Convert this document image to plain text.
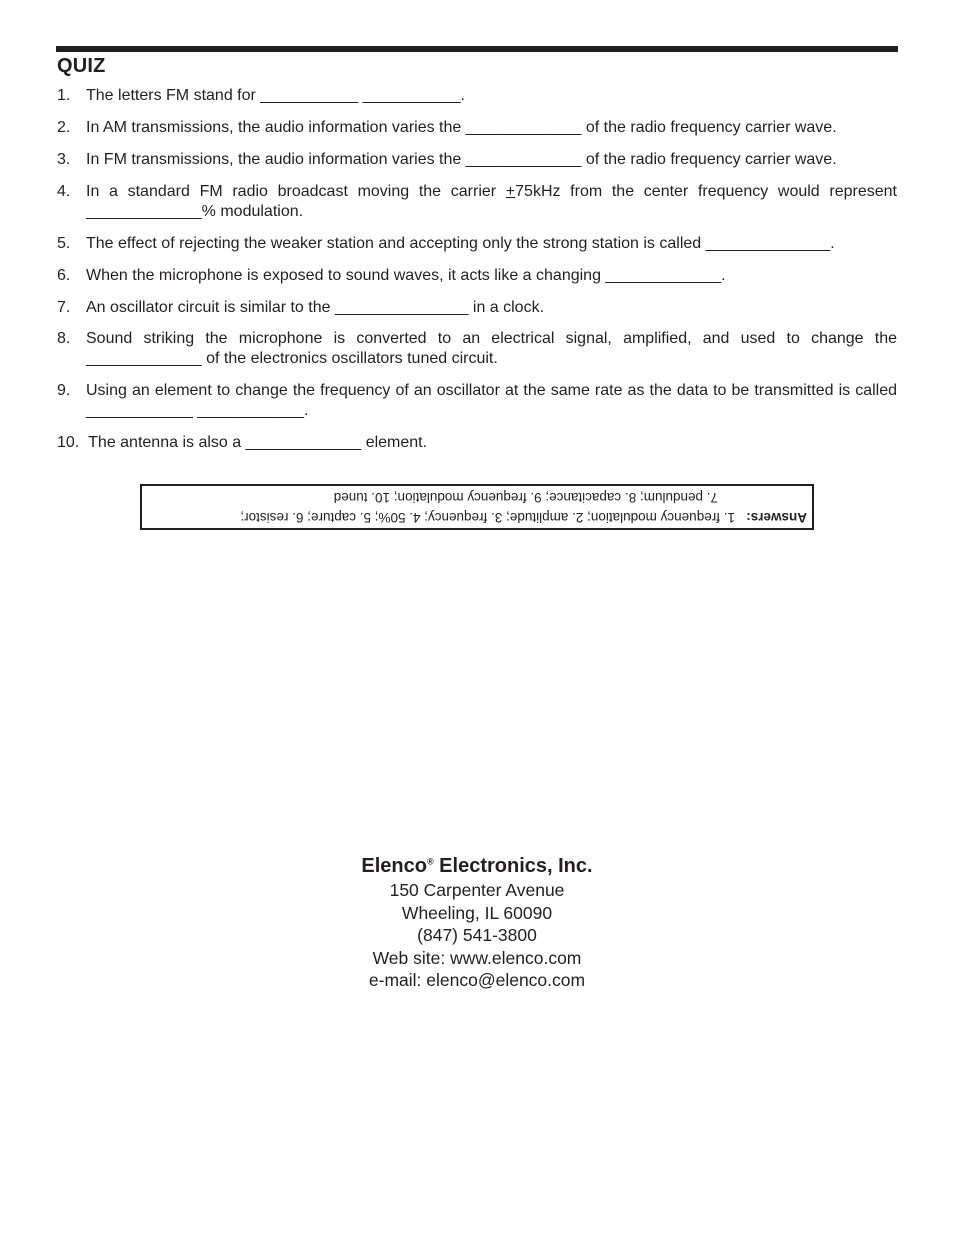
QUIZ
1. The letters FM stand for ___________ ___________.
2. In AM transmissions, the audio information varies the _____________ of the radio frequency carrier wave.
3. In FM transmissions, the audio information varies the _____________ of the radio frequency carrier wave.
4. In a standard FM radio broadcast moving the carrier +75kHz from the center frequency would represent _____________% modulation.
5. The effect of rejecting the weaker station and accepting only the strong station is called ______________.
6. When the microphone is exposed to sound waves, it acts like a changing _____________.
7. An oscillator circuit is similar to the _______________ in a clock.
8. Sound striking the microphone is converted to an electrical signal, amplified, and used to change the _____________ of the electronics oscillators tuned circuit.
9. Using an element to change the frequency of an oscillator at the same rate as the data to be transmitted is called ____________ ____________.
10. The antenna is also a _____________ element.
Answers:   1. frequency modulation; 2. amplitude; 3. frequency; 4. 50%; 5. capture; 6. resistor;
7. pendulum; 8. capacitance; 9. frequency modulation; 10. tuned
Elenco® Electronics, Inc.
150 Carpenter Avenue
Wheeling, IL 60090
(847) 541-3800
Web site: www.elenco.com
e-mail: elenco@elenco.com
